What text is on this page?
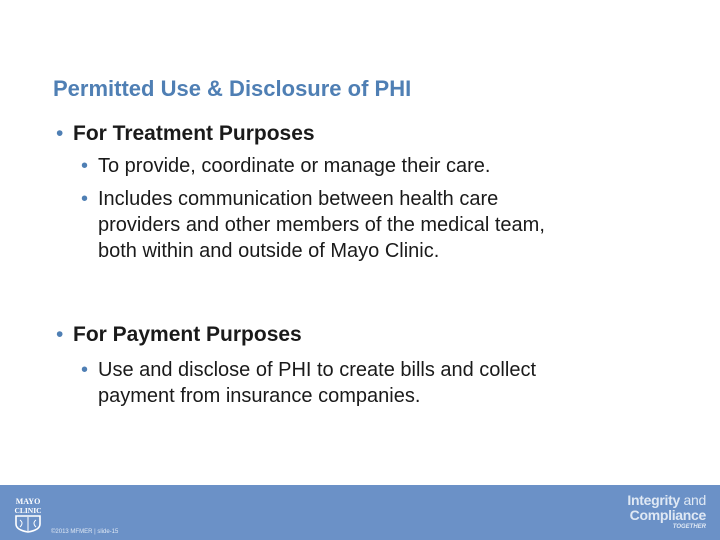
Permitted Use & Disclosure of PHI
• For Treatment Purposes
• To provide, coordinate or manage their care.
• Includes communication between health care
providers and other members of the medical team,
both within and outside of Mayo Clinic.
• For Payment Purposes
• Use and disclose of PHI to create bills and collect
payment from insurance companies.
MAYO
CLINIC
©2013 MFMER | slide-15
Integrity and
Compliance
TOGETHER
